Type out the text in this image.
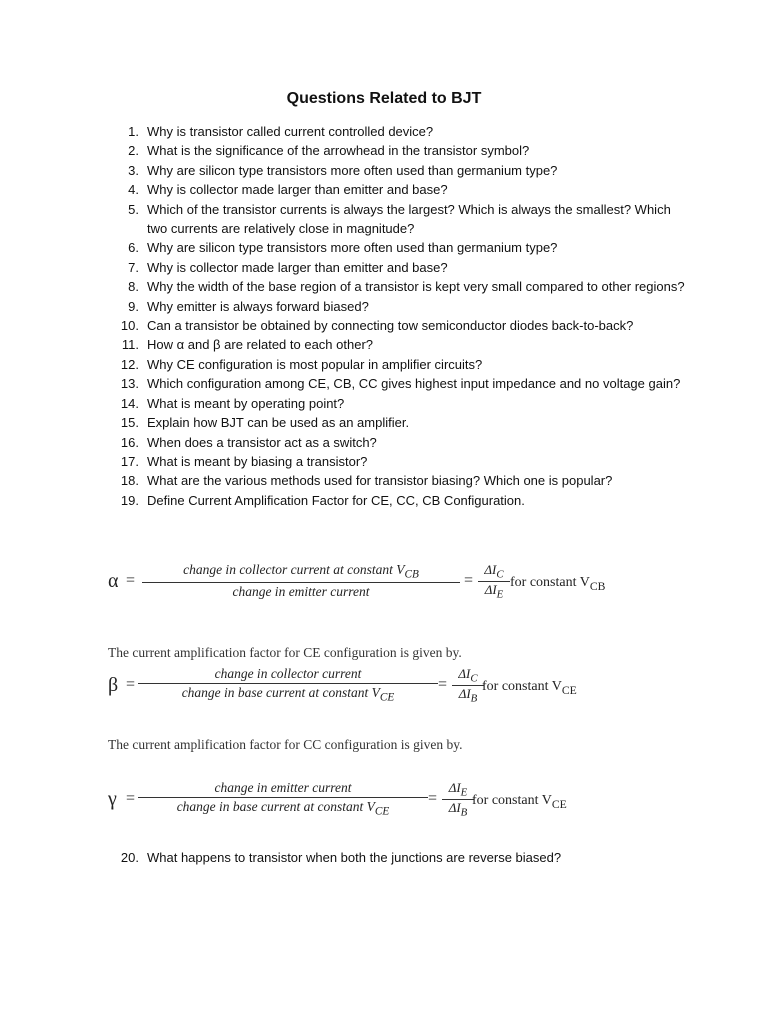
Questions Related to BJT
1. Why is transistor called current controlled device?
2. What is the significance of the arrowhead in the transistor symbol?
3. Why are silicon type transistors more often used than germanium type?
4. Why is collector made larger than emitter and base?
5. Which of the transistor currents is always the largest? Which is always the smallest? Which two currents are relatively close in magnitude?
6. Why are silicon type transistors more often used than germanium type?
7. Why is collector made larger than emitter and base?
8. Why the width of the base region of a transistor is kept very small compared to other regions?
9. Why emitter is always forward biased?
10. Can a transistor be obtained by connecting tow semiconductor diodes back-to-back?
11. How α and β are related to each other?
12. Why CE configuration is most popular in amplifier circuits?
13. Which configuration among CE, CB, CC gives highest input impedance and no voltage gain?
14. What is meant by operating point?
15. Explain how BJT can be used as an amplifier.
16. When does a transistor act as a switch?
17. What is meant by biasing a transistor?
18. What are the various methods used for transistor biasing? Which one is popular?
19. Define Current Amplification Factor for CE, CC, CB Configuration.
α =
change in collector current at constant $V_{CB}$
change in emitter current
=
$\Delta I_C$
$\Delta I_E$
for constant $V_{CB}$
The current amplification factor for CE configuration is given by.
β =
change in collector current
change in base current at constant $V_{CE}$
=
$\Delta I_C$
$\Delta I_B$
for constant $V_{CE}$
The current amplification factor for CC configuration is given by.
γ =
change in emitter current
change in base current at constant $V_{CE}$
=
$\Delta I_E$
$\Delta I_B$
for constant $V_{CE}$
20. What happens to transistor when both the junctions are reverse biased?
